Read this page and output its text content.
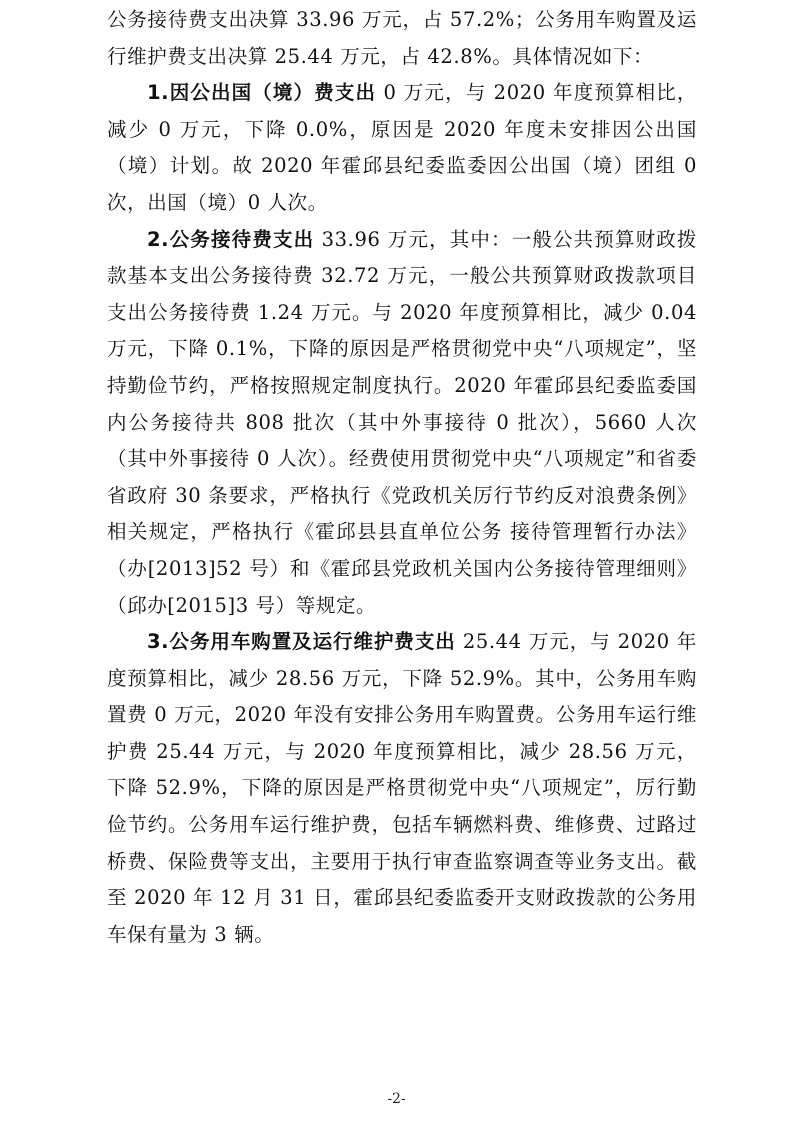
公务接待费支出决算 33.96 万元，占 57.2%；公务用车购置及运行维护费支出决算 25.44 万元，占 42.8%。具体情况如下：

1.因公出国（境）费支出 0 万元，与 2020 年度预算相比，减少 0 万元，下降 0.0%，原因是 2020 年度未安排因公出国（境）计划。故 2020 年霍邱县纪委监委因公出国（境）团组 0 次，出国（境）0 人次。

2.公务接待费支出 33.96 万元，其中：一般公共预算财政拨款基本支出公务接待费 32.72 万元，一般公共预算财政拨款项目支出公务接待费 1.24 万元。与 2020 年度预算相比，减少 0.04 万元，下降 0.1%，下降的原因是严格贯彻党中央“八项规定”，坚持勤俭节约，严格按照规定制度执行。2020 年霍邱县纪委监委国内公务接待共 808 批次（其中外事接待 0 批次），5660 人次（其中外事接待 0 人次）。经费使用贯彻党中央“八项规定”和省委省政府 30 条要求，严格执行《党政机关厉行节约反对浪费条例》相关规定，严格执行《霍邱县县直单位公务 接待管理暂行办法》（办[2013]52 号）和《霍邱县党政机关国内公务接待管理细则》（邱办[2015]3 号）等规定。

3.公务用车购置及运行维护费支出 25.44 万元，与 2020 年度预算相比，减少 28.56 万元，下降 52.9%。其中，公务用车购置费 0 万元，2020 年没有安排公务用车购置费。公务用车运行维护费 25.44 万元，与 2020 年度预算相比，减少 28.56 万元，下降 52.9%，下降的原因是严格贯彻党中央“八项规定”，厉行勤俭节约。公务用车运行维护费，包括车辆燃料费、维修费、过路过桥费、保险费等支出，主要用于执行审查监察调查等业务支出。截至 2020 年 12 月 31 日，霍邱县纪委监委开支财政拨款的公务用车保有量为 3 辆。

-2-
